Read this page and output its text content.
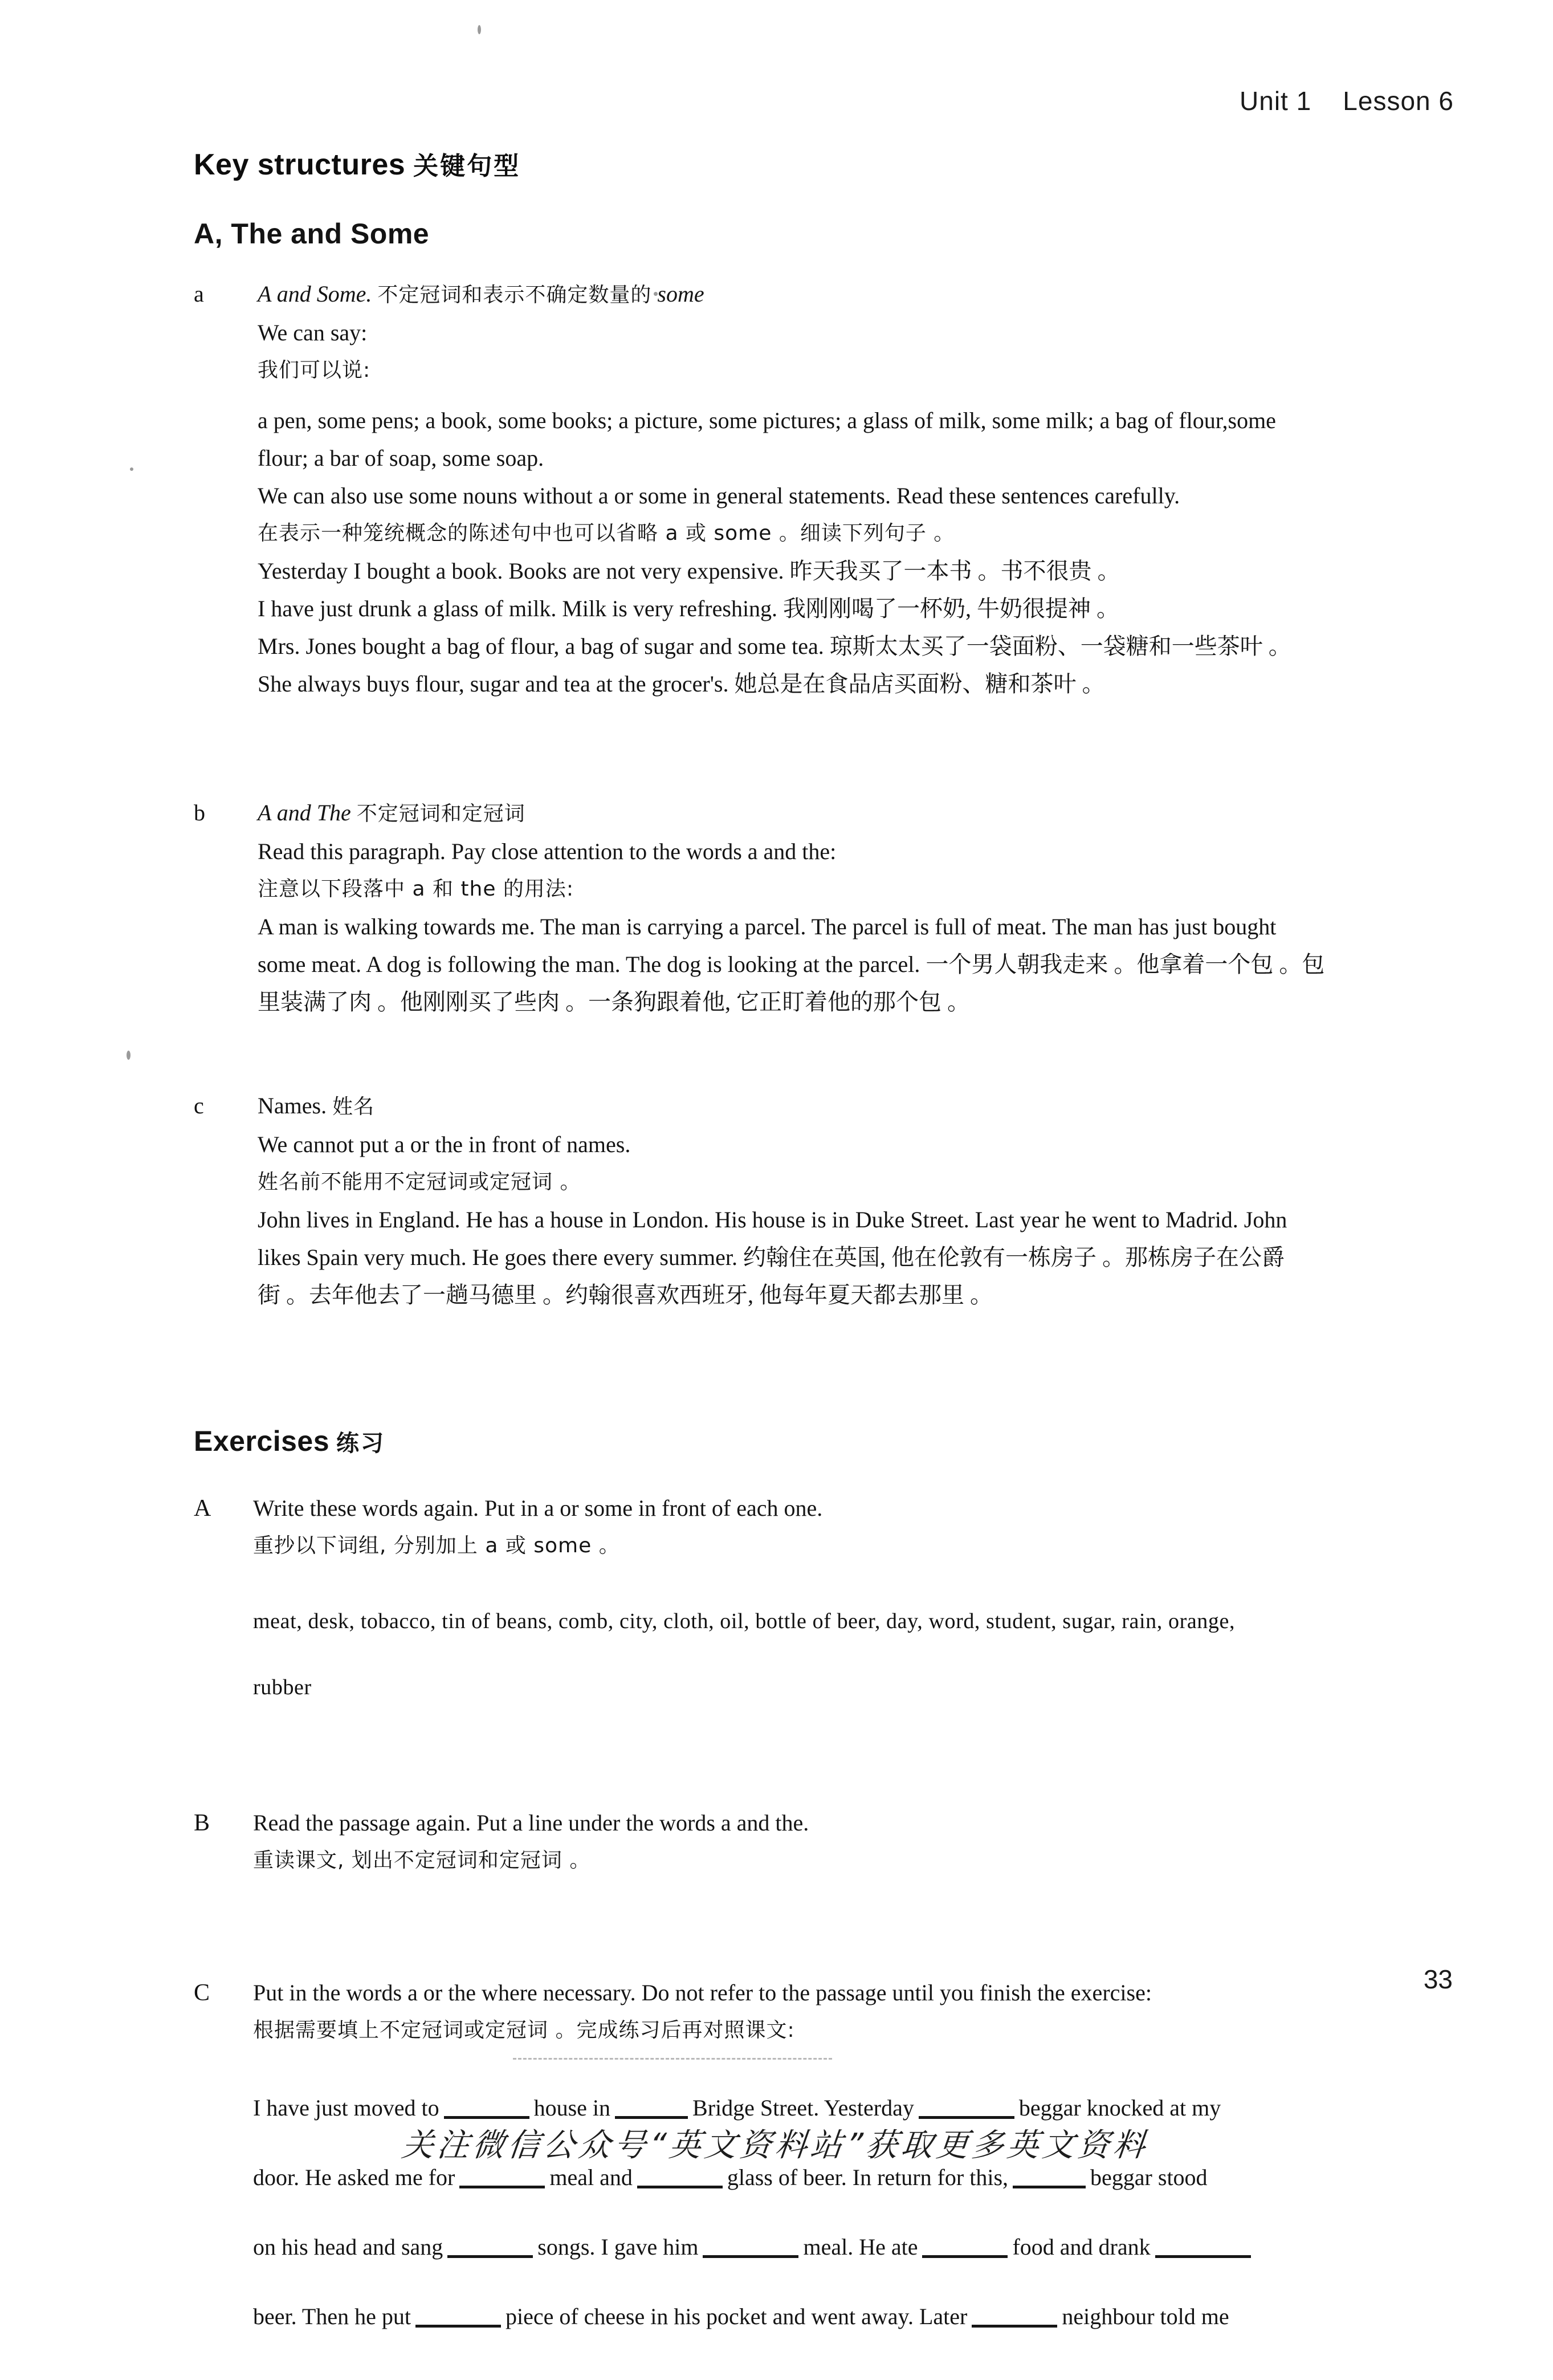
Unit 1    Lesson 6
Key structures 关键句型
A, The and Some
a A and Some. 不定冠词和表示不确定数量的 some

We can say:

我们可以说:

a pen, some pens; a book, some books; a picture, some pictures; a glass of milk, some milk; a bag of flour,some

flour; a bar of soap, some soap.

We can also use some nouns without a or some in general statements. Read these sentences carefully.

在表示一种笼统概念的陈述句中也可以省略 a 或 some 。细读下列句子 。

Yesterday I bought a book. Books are not very expensive. 昨天我买了一本书 。书不很贵 。

I have just drunk a glass of milk. Milk is very refreshing. 我刚刚喝了一杯奶, 牛奶很提神 。

Mrs. Jones bought a bag of flour, a bag of sugar and some tea. 琼斯太太买了一袋面粉、一袋糖和一些茶叶 。

She always buys flour, sugar and tea at the grocer's. 她总是在食品店买面粉、糖和茶叶 。

b A and The 不定冠词和定冠词

Read this paragraph. Pay close attention to the words a and the:

注意以下段落中 a 和 the 的用法:

A man is walking towards me. The man is carrying a parcel. The parcel is full of meat. The man has just bought

some meat. A dog is following the man. The dog is looking at the parcel. 一个男人朝我走来 。他拿着一个包 。包

里装满了肉 。他刚刚买了些肉 。一条狗跟着他, 它正盯着他的那个包 。

c Names. 姓名

We cannot put a or the in front of names.

姓名前不能用不定冠词或定冠词 。

John lives in England. He has a house in London. His house is in Duke Street. Last year he went to Madrid. John

likes Spain very much. He goes there every summer. 约翰住在英国, 他在伦敦有一栋房子 。那栋房子在公爵

街 。去年他去了一趟马德里 。约翰很喜欢西班牙, 他每年夏天都去那里 。

Exercises 练习
A Write these words again. Put in a or some in front of each one.

重抄以下词组, 分别加上 a 或 some 。

meat, desk, tobacco, tin of beans, comb, city, cloth, oil, bottle of beer, day, word, student, sugar, rain, orange,

rubber

B Read the passage again. Put a line under the words a and the.

重读课文, 划出不定冠词和定冠词 。

C Put in the words a or the where necessary. Do not refer to the passage until you finish the exercise:

根据需要填上不定冠词或定冠词 。完成练习后再对照课文:

I have just moved to	house in	Bridge Street. Yesterday	beggar knocked at my

door. He asked me for	meal and	glass of beer. In return for this,	beggar stood

on his head and sang	songs. I gave him	meal. He ate	food and drank

beer. Then he put	piece of cheese in his pocket and went away. Later	neighbour told me

33
关注微信公众号“英文资料站”获取更多英文资料
